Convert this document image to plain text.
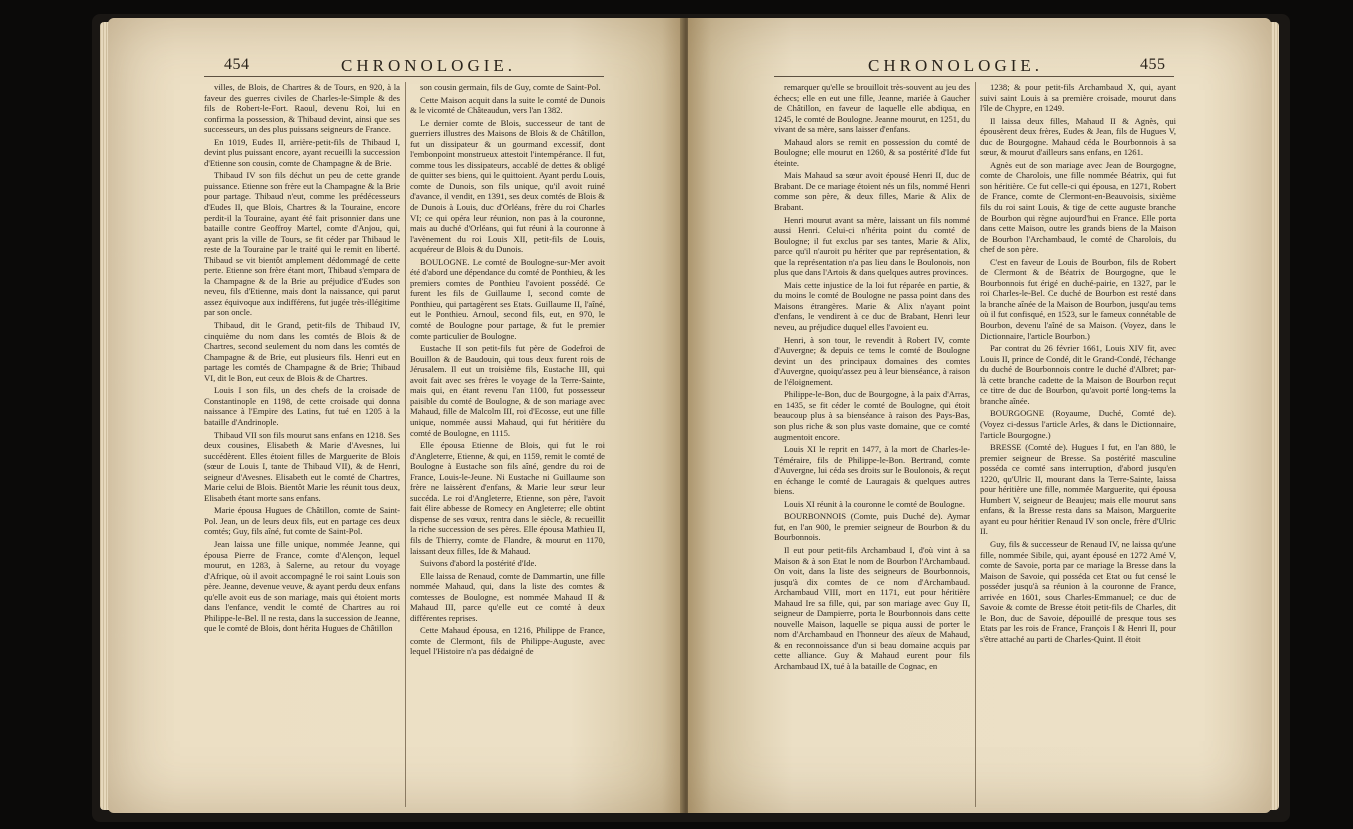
454	CHRONOLOGIE.

villes, de Blois, de Chartres & de Tours, en 920, à la faveur des guerres civiles de Charles-le-Simple & des fils de Robert-le-Fort. Raoul, devenu Roi, lui en confirma la possession, & Thibaud devint, ainsi que ses successeurs, un des plus puissans seigneurs de France.

En 1019, Eudes II, arrière-petit-fils de Thibaud I, devint plus puissant encore, ayant recueilli la succession d'Etienne son cousin, comte de Champagne & de Brie.

Thibaud IV son fils déchut un peu de cette grande puissance. Etienne son frère eut la Champagne & la Brie pour partage. Thibaud n'eut, comme les prédécesseurs d'Eudes II, que Blois, Chartres & la Touraine, encore perdit-il la Touraine, ayant été fait prisonnier dans une bataille contre Geoffroy Martel, comte d'Anjou, qui, ayant pris la ville de Tours, se fit céder par Thibaud le reste de la Touraine par le traité qui le remit en liberté. Thibaud se vit bientôt amplement dédommagé de cette perte. Etienne son frère étant mort, Thibaud s'empara de la Champagne & de la Brie au préjudice d'Eudes son neveu, fils d'Etienne, mais dont la naissance, qui parut assez équivoque aux indifférens, fut jugée très-illégitime par son oncle.

Thibaud, dit le Grand, petit-fils de Thibaud IV, cinquième du nom dans les comtés de Blois & de Chartres, second seulement du nom dans les comtés de Champagne & de Brie, eut plusieurs fils. Henri eut en partage les comtés de Champagne & de Brie; Thibaud VI, dit le Bon, eut ceux de Blois & de Chartres.

Louis I son fils, un des chefs de la croisade de Constantinople en 1198, de cette croisade qui donna naissance à l'Empire des Latins, fut tué en 1205 à la bataille d'Andrinople.

Thibaud VII son fils mourut sans enfans en 1218. Ses deux cousines, Elisabeth & Marie d'Avesnes, lui succédèrent. Elles étoient filles de Marguerite de Blois (sœur de Louis I, tante de Thibaud VII), & de Henri, seigneur d'Avesnes. Elisabeth eut le comté de Chartres, Marie celui de Blois. Bientôt Marie les réunit tous deux, Elisabeth étant morte sans enfans.

Marie épousa Hugues de Châtillon, comte de Saint-Pol. Jean, un de leurs deux fils, eut en partage ces deux comtés; Guy, fils aîné, fut comte de Saint-Pol.

Jean laissa une fille unique, nommée Jeanne, qui épousa Pierre de France, comte d'Alençon, lequel mourut, en 1283, à Salerne, au retour du voyage d'Afrique, où il avoit accompagné le roi saint Louis son père. Jeanne, devenue veuve, & ayant perdu deux enfans qu'elle avoit eus de son mariage, mais qui étoient morts dans l'enfance, vendit le comté de Chartres au roi Philippe-le-Bel. Il ne resta, dans la succession de Jeanne, que le comté de Blois, dont hérita Hugues de Châtillon

son cousin germain, fils de Guy, comte de Saint-Pol.

Cette Maison acquit dans la suite le comté de Dunois & le vicomté de Châteaudun, vers l'an 1382.

Le dernier comte de Blois, successeur de tant de guerriers illustres des Maisons de Blois & de Châtillon, fut un dissipateur & un gourmand excessif, dont l'embonpoint monstrueux attestoit l'intempérance. Il fut, comme tous les dissipateurs, accablé de dettes & obligé de quitter ses biens, qui le quittoient. Ayant perdu Louis, comte de Dunois, son fils unique, qu'il avoit ruiné d'avance, il vendit, en 1391, ses deux comtés de Blois & de Dunois à Louis, duc d'Orléans, frère du roi Charles VI; ce qui opéra leur réunion, non pas à la couronne, mais au duché d'Orléans, qui fut réuni à la couronne à l'avènement du roi Louis XII, petit-fils de Louis, acquéreur de Blois & du Dunois.

BOULOGNE. Le comté de Boulogne-sur-Mer avoit été d'abord une dépendance du comté de Ponthieu, & les premiers comtes de Ponthieu l'avoient possédé. Ce furent les fils de Guillaume I, second comte de Ponthieu, qui partagèrent ses Etats. Guillaume II, l'aîné, eut le Ponthieu. Arnoul, second fils, eut, en 970, le comté de Boulogne pour partage, & fut le premier comte particulier de Boulogne.

Eustache II son petit-fils fut père de Godefroi de Bouillon & de Baudouin, qui tous deux furent rois de Jérusalem. Il eut un troisième fils, Eustache III, qui avoit fait avec ses frères le voyage de la Terre-Sainte, mais qui, en étant revenu l'an 1100, fut possesseur paisible du comté de Boulogne, & de son mariage avec Mahaud, fille de Malcolm III, roi d'Ecosse, eut une fille unique, nommée aussi Mahaud, qui fut héritière du comté de Boulogne, en 1115.

Elle épousa Etienne de Blois, qui fut le roi d'Angleterre, Etienne, & qui, en 1159, remit le comté de Boulogne à Eustache son fils aîné, gendre du roi de France, Louis-le-Jeune. Ni Eustache ni Guillaume son frère ne laissèrent d'enfans, & Marie leur sœur leur succéda. Le roi d'Angleterre, Etienne, son père, l'avoit fait élire abbesse de Romecy en Angleterre; elle obtint dispense de ses vœux, rentra dans le siècle, & recueillit la riche succession de ses pères. Elle épousa Mathieu II, fils de Thierry, comte de Flandre, & mourut en 1170, laissant deux filles, Ide & Mahaud.

Suivons d'abord la postérité d'Ide.

Elle laissa de Renaud, comte de Dammartin, une fille nommée Mahaud, qui, dans la liste des comtes & comtesses de Boulogne, est nommée Mahaud II & Mahaud III, parce qu'elle eut ce comté à deux différentes reprises.

Cette Mahaud épousa, en 1216, Philippe de France, comte de Clermont, fils de Philippe-Auguste, avec lequel l'Histoire n'a pas dédaigné de

CHRONOLOGIE.	455

remarquer qu'elle se brouilloit très-souvent au jeu des échecs; elle en eut une fille, Jeanne, mariée à Gaucher de Châtillon, en faveur de laquelle elle abdiqua, en 1245, le comté de Boulogne. Jeanne mourut, en 1251, du vivant de sa mère, sans laisser d'enfans.

Mahaud alors se remit en possession du comté de Boulogne; elle mourut en 1260, & sa postérité d'Ide fut éteinte.

Mais Mahaud sa sœur avoit épousé Henri II, duc de Brabant. De ce mariage étoient nés un fils, nommé Henri comme son père, & deux filles, Marie & Alix de Brabant.

Henri mourut avant sa mère, laissant un fils nommé aussi Henri. Celui-ci n'hérita point du comté de Boulogne; il fut exclus par ses tantes, Marie & Alix, parce qu'il n'auroit pu hériter que par représentation, & que la représentation n'a pas lieu dans le Boulonois, non plus que dans l'Artois & dans quelques autres provinces.

Mais cette injustice de la loi fut réparée en partie, & du moins le comté de Boulogne ne passa point dans des Maisons étrangères. Marie & Alix n'ayant point d'enfans, le vendirent à ce duc de Brabant, Henri leur neveu, au préjudice duquel elles l'avoient eu.

Henri, à son tour, le revendit à Robert IV, comte d'Auvergne; & depuis ce tems le comté de Boulogne devint un des principaux domaines des comtes d'Auvergne, quoiqu'assez peu à leur bienséance, à raison de l'éloignement.

Philippe-le-Bon, duc de Bourgogne, à la paix d'Arras, en 1435, se fit céder le comté de Boulogne, qui étoit beaucoup plus à sa bienséance à raison des Pays-Bas, son plus riche & son plus vaste domaine, que ce comté augmentoit encore.

Louis XI le reprit en 1477, à la mort de Charles-le-Téméraire, fils de Philippe-le-Bon. Bertrand, comte d'Auvergne, lui céda ses droits sur le Boulonois, & reçut en échange le comté de Lauragais & quelques autres biens.

Louis XI réunit à la couronne le comté de Boulogne.

BOURBONNOIS (Comte, puis Duché de). Aymar fut, en l'an 900, le premier seigneur de Bourbon & du Bourbonnois.

Il eut pour petit-fils Archambaud I, d'où vint à sa Maison & à son Etat le nom de Bourbon l'Archambaud. On voit, dans la liste des seigneurs de Bourbonnois, jusqu'à dix comtes de ce nom d'Archambaud. Archambaud VIII, mort en 1171, eut pour héritière Mahaud Ire sa fille, qui, par son mariage avec Guy II, seigneur de Dampierre, porta le Bourbonnois dans cette nouvelle Maison, laquelle se piqua aussi de porter le nom d'Archambaud en l'honneur des aïeux de Mahaud, & en reconnoissance d'un si beau domaine acquis par cette alliance. Guy & Mahaud eurent pour fils Archambaud IX, tué à la bataille de Cognac, en

1238; & pour petit-fils Archambaud X, qui, ayant suivi saint Louis à sa première croisade, mourut dans l'île de Chypre, en 1249.

Il laissa deux filles, Mahaud II & Agnès, qui épousèrent deux frères, Eudes & Jean, fils de Hugues V, duc de Bourgogne. Mahaud céda le Bourbonnois à sa sœur, & mourut d'ailleurs sans enfans, en 1261.

Agnès eut de son mariage avec Jean de Bourgogne, comte de Charolois, une fille nommée Béatrix, qui fut son héritière. Ce fut celle-ci qui épousa, en 1271, Robert de France, comte de Clermont-en-Beauvoisis, sixième fils du roi saint Louis, & tige de cette auguste branche de Bourbon qui règne aujourd'hui en France. Elle porta dans cette Maison, outre les grands biens de la Maison de Bourbon l'Archambaud, le comté de Charolois, du chef de son père.

C'est en faveur de Louis de Bourbon, fils de Robert de Clermont & de Béatrix de Bourgogne, que le Bourbonnois fut érigé en duché-pairie, en 1327, par le roi Charles-le-Bel. Ce duché de Bourbon est resté dans la branche aînée de la Maison de Bourbon, jusqu'au tems où il fut confisqué, en 1523, sur le fameux connétable de Bourbon, devenu l'aîné de sa Maison. (Voyez, dans le Dictionnaire, l'article Bourbon.)

Par contrat du 26 février 1661, Louis XIV fit, avec Louis II, prince de Condé, dit le Grand-Condé, l'échange du duché de Bourbonnois contre le duché d'Albret; par-là cette branche cadette de la Maison de Bourbon reçut ce titre de duc de Bourbon, qu'avoit porté long-tems la branche aînée.

BOURGOGNE (Royaume, Duché, Comté de). (Voyez ci-dessus l'article Arles, & dans le Dictionnaire, l'article Bourgogne.)

BRESSE (Comté de). Hugues I fut, en l'an 880, le premier seigneur de Bresse. Sa postérité masculine posséda ce comté sans interruption, d'abord jusqu'en 1220, qu'Ulric II, mourant dans la Terre-Sainte, laissa pour héritière une fille, nommée Marguerite, qui épousa Humbert V, seigneur de Beaujeu; mais elle mourut sans enfans, & la Bresse resta dans sa Maison, Marguerite ayant eu pour héritier Renaud IV son oncle, frère d'Ulric II.

Guy, fils & successeur de Renaud IV, ne laissa qu'une fille, nommée Sibile, qui, ayant épousé en 1272 Amé V, comte de Savoie, porta par ce mariage la Bresse dans la Maison de Savoie, qui posséda cet Etat ou fut censé le posséder jusqu'à sa réunion à la couronne de France, arrivée en 1601, sous Charles-Emmanuel; ce duc de Savoie & comte de Bresse étoit petit-fils de Charles, dit le Bon, duc de Savoie, dépouillé de presque tous ses Etats par les rois de France, François I & Henri II, pour s'être attaché au parti de Charles-Quint. Il étoit
